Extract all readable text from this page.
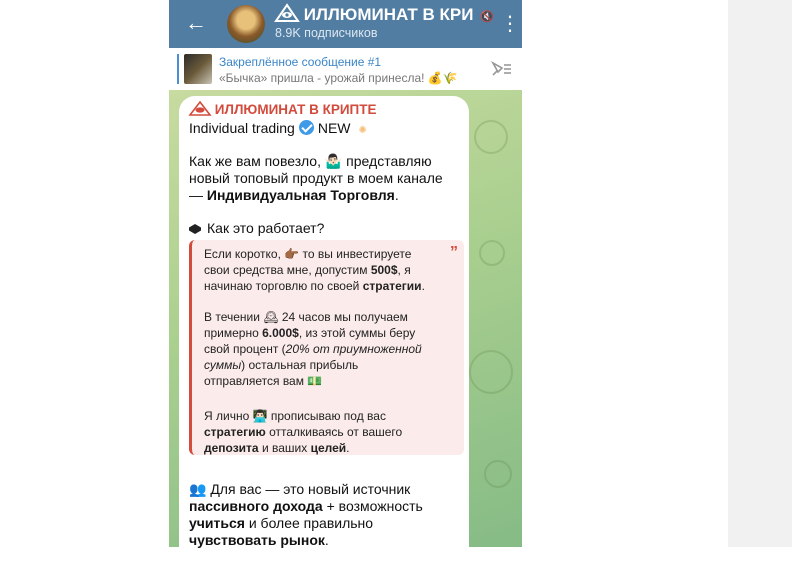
←	ИЛЛЮМИНАТ В КРИ 🔇
8.9K подписчиков	⋮
Закреплённое сообщение #1
«Бычка» пришла - урожай принесла! 💰🌾
ИЛЛЮМИНАТ В КРИПТЕ
Individual trading NEW ✺
Как же вам повезло, 🤷🏻‍♂️ представляю
новый топовый продукт в моем канале
— Индивидуальная Торговля.
Как это работает?
”
Если коротко, 👉🏾 то вы инвестируете
свои средства мне, допустим 500$, я
начинаю торговлю по своей стратегии.
В течении 🕰 24 часов мы получаем
примерно 6.000$, из этой суммы беру
свой процент (20% от приумноженной
суммы) остальная прибыль
отправляется вам 💵
Я лично 👨🏻‍💻 прописываю под вас
стратегию отталкиваясь от вашего
депозита и ваших целей.
👥 Для вас — это новый источник
пассивного дохода + возможность
учиться и более правильно
чувствовать рынок.
